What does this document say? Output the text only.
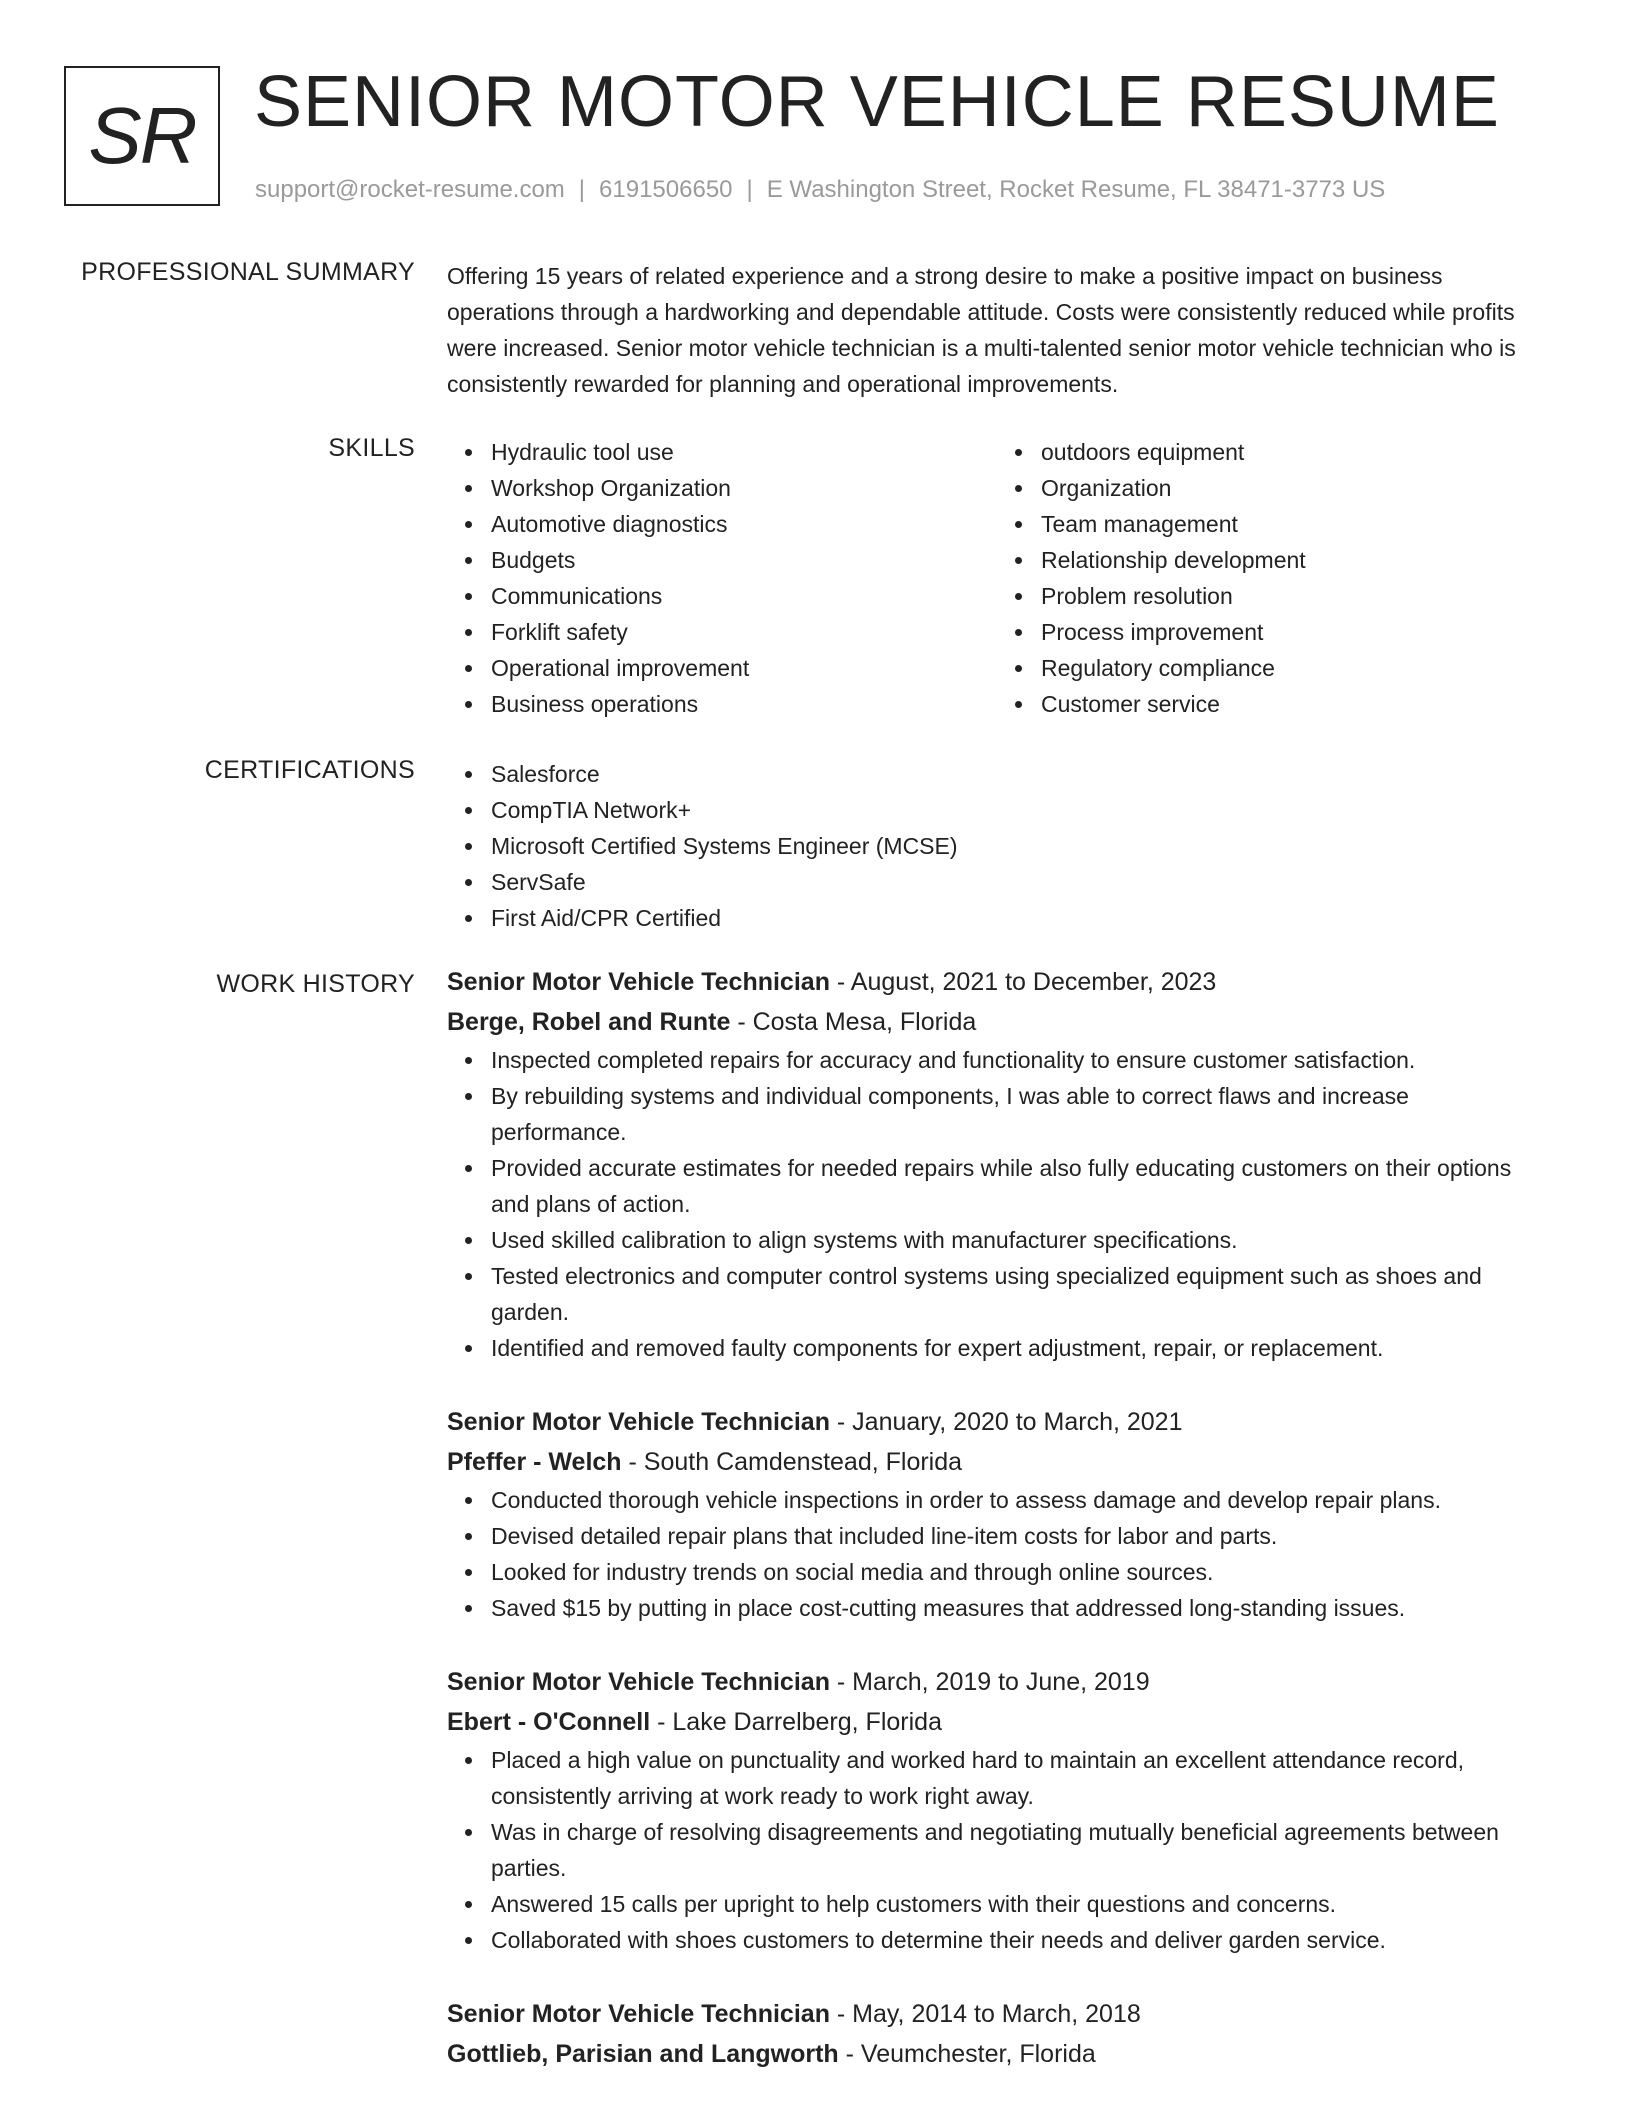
SR SENIOR MOTOR VEHICLE RESUME
support@rocket-resume.com | 6191506650 | E Washington Street, Rocket Resume, FL 38471-3773 US
PROFESSIONAL SUMMARY Offering 15 years of related experience and a strong desire to make a positive impact on business operations through a hardworking and dependable attitude. Costs were consistently reduced while profits were increased. Senior motor vehicle technician is a multi-talented senior motor vehicle technician who is consistently rewarded for planning and operational improvements.
SKILLS	Hydraulic tool use
Workshop Organization
Automotive diagnostics
Budgets
Communications
Forklift safety
Operational improvement
Business operations
outdoors equipment
Organization
Team management
Relationship development
Problem resolution
Process improvement
Regulatory compliance
Customer service
CERTIFICATIONS	Salesforce
CompTIA Network+
Microsoft Certified Systems Engineer (MCSE)
ServSafe
First Aid/CPR Certified
WORK HISTORY Senior Motor Vehicle Technician - August, 2021 to December, 2023
Berge, Robel and Runte - Costa Mesa, Florida
Inspected completed repairs for accuracy and functionality to ensure customer satisfaction.
By rebuilding systems and individual components, I was able to correct flaws and increase performance.
Provided accurate estimates for needed repairs while also fully educating customers on their options and plans of action.
Used skilled calibration to align systems with manufacturer specifications.
Tested electronics and computer control systems using specialized equipment such as shoes and garden.
Identified and removed faulty components for expert adjustment, repair, or replacement.
Senior Motor Vehicle Technician - January, 2020 to March, 2021
Pfeffer - Welch - South Camdenstead, Florida
Conducted thorough vehicle inspections in order to assess damage and develop repair plans.
Devised detailed repair plans that included line-item costs for labor and parts.
Looked for industry trends on social media and through online sources.
Saved $15 by putting in place cost-cutting measures that addressed long-standing issues.
Senior Motor Vehicle Technician - March, 2019 to June, 2019
Ebert - O'Connell - Lake Darrelberg, Florida
Placed a high value on punctuality and worked hard to maintain an excellent attendance record, consistently arriving at work ready to work right away.
Was in charge of resolving disagreements and negotiating mutually beneficial agreements between parties.
Answered 15 calls per upright to help customers with their questions and concerns.
Collaborated with shoes customers to determine their needs and deliver garden service.
Senior Motor Vehicle Technician - May, 2014 to March, 2018
Gottlieb, Parisian and Langworth - Veumchester, Florida
